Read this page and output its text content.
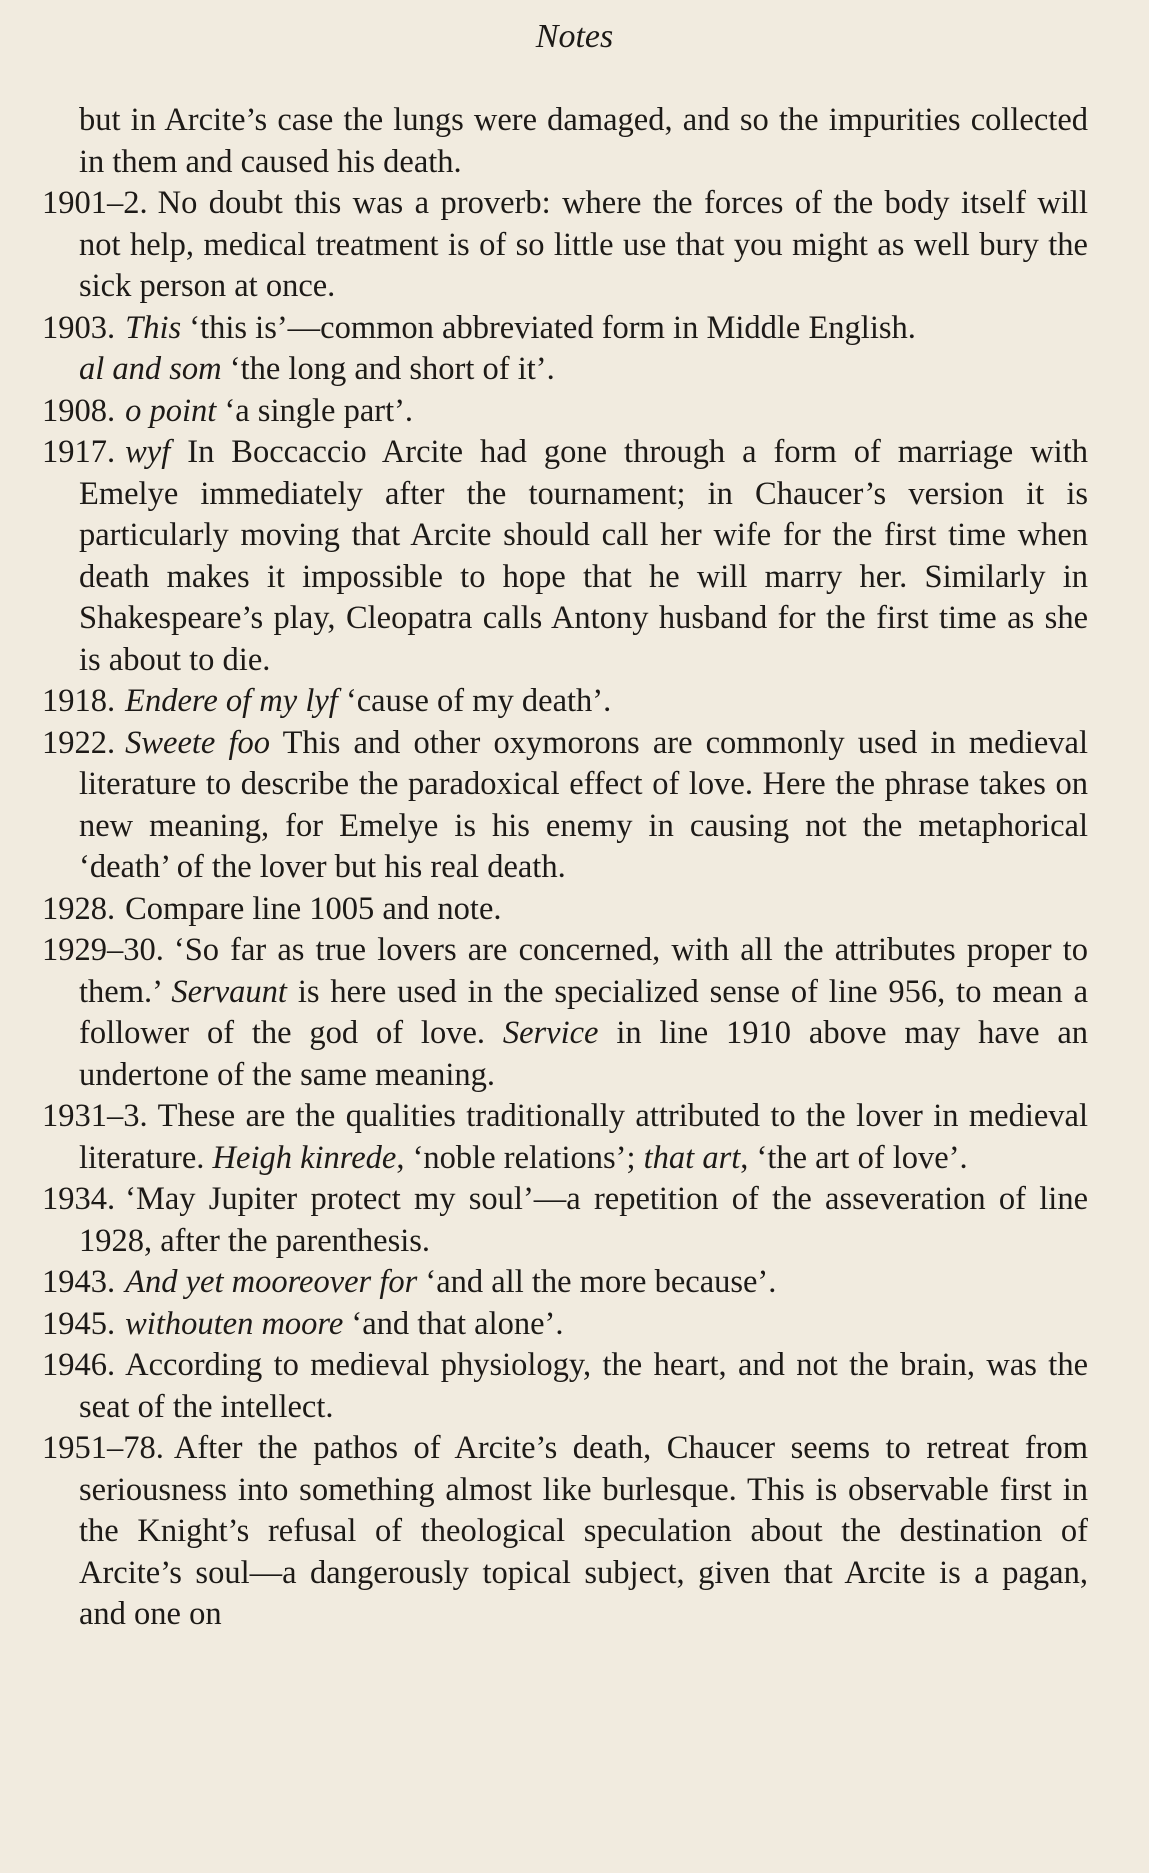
Notes
but in Arcite’s case the lungs were damaged, and so the impurities collected in them and caused his death.
1901–2. No doubt this was a proverb: where the forces of the body itself will not help, medical treatment is of so little use that you might as well bury the sick person at once.
1903. This ‘this is’—common abbreviated form in Middle English.
al and som ‘the long and short of it’.
1908. o point ‘a single part’.
1917. wyf In Boccaccio Arcite had gone through a form of marriage with Emelye immediately after the tournament; in Chaucer’s version it is particularly moving that Arcite should call her wife for the first time when death makes it impossible to hope that he will marry her. Similarly in Shakespeare’s play, Cleopatra calls Antony husband for the first time as she is about to die.
1918. Endere of my lyf ‘cause of my death’.
1922. Sweete foo This and other oxymorons are commonly used in medieval literature to describe the paradoxical effect of love. Here the phrase takes on new meaning, for Emelye is his enemy in causing not the metaphorical ‘death’ of the lover but his real death.
1928. Compare line 1005 and note.
1929–30. ‘So far as true lovers are concerned, with all the attributes proper to them.’ Servaunt is here used in the specialized sense of line 956, to mean a follower of the god of love. Service in line 1910 above may have an undertone of the same meaning.
1931–3. These are the qualities traditionally attributed to the lover in medieval literature. Heigh kinrede, ‘noble relations’; that art, ‘the art of love’.
1934. ‘May Jupiter protect my soul’—a repetition of the asseveration of line 1928, after the parenthesis.
1943. And yet mooreover for ‘and all the more because’.
1945. withouten moore ‘and that alone’.
1946. According to medieval physiology, the heart, and not the brain, was the seat of the intellect.
1951–78. After the pathos of Arcite’s death, Chaucer seems to retreat from seriousness into something almost like burlesque. This is observable first in the Knight’s refusal of theological speculation about the destination of Arcite’s soul—a dangerously topical subject, given that Arcite is a pagan, and one on
